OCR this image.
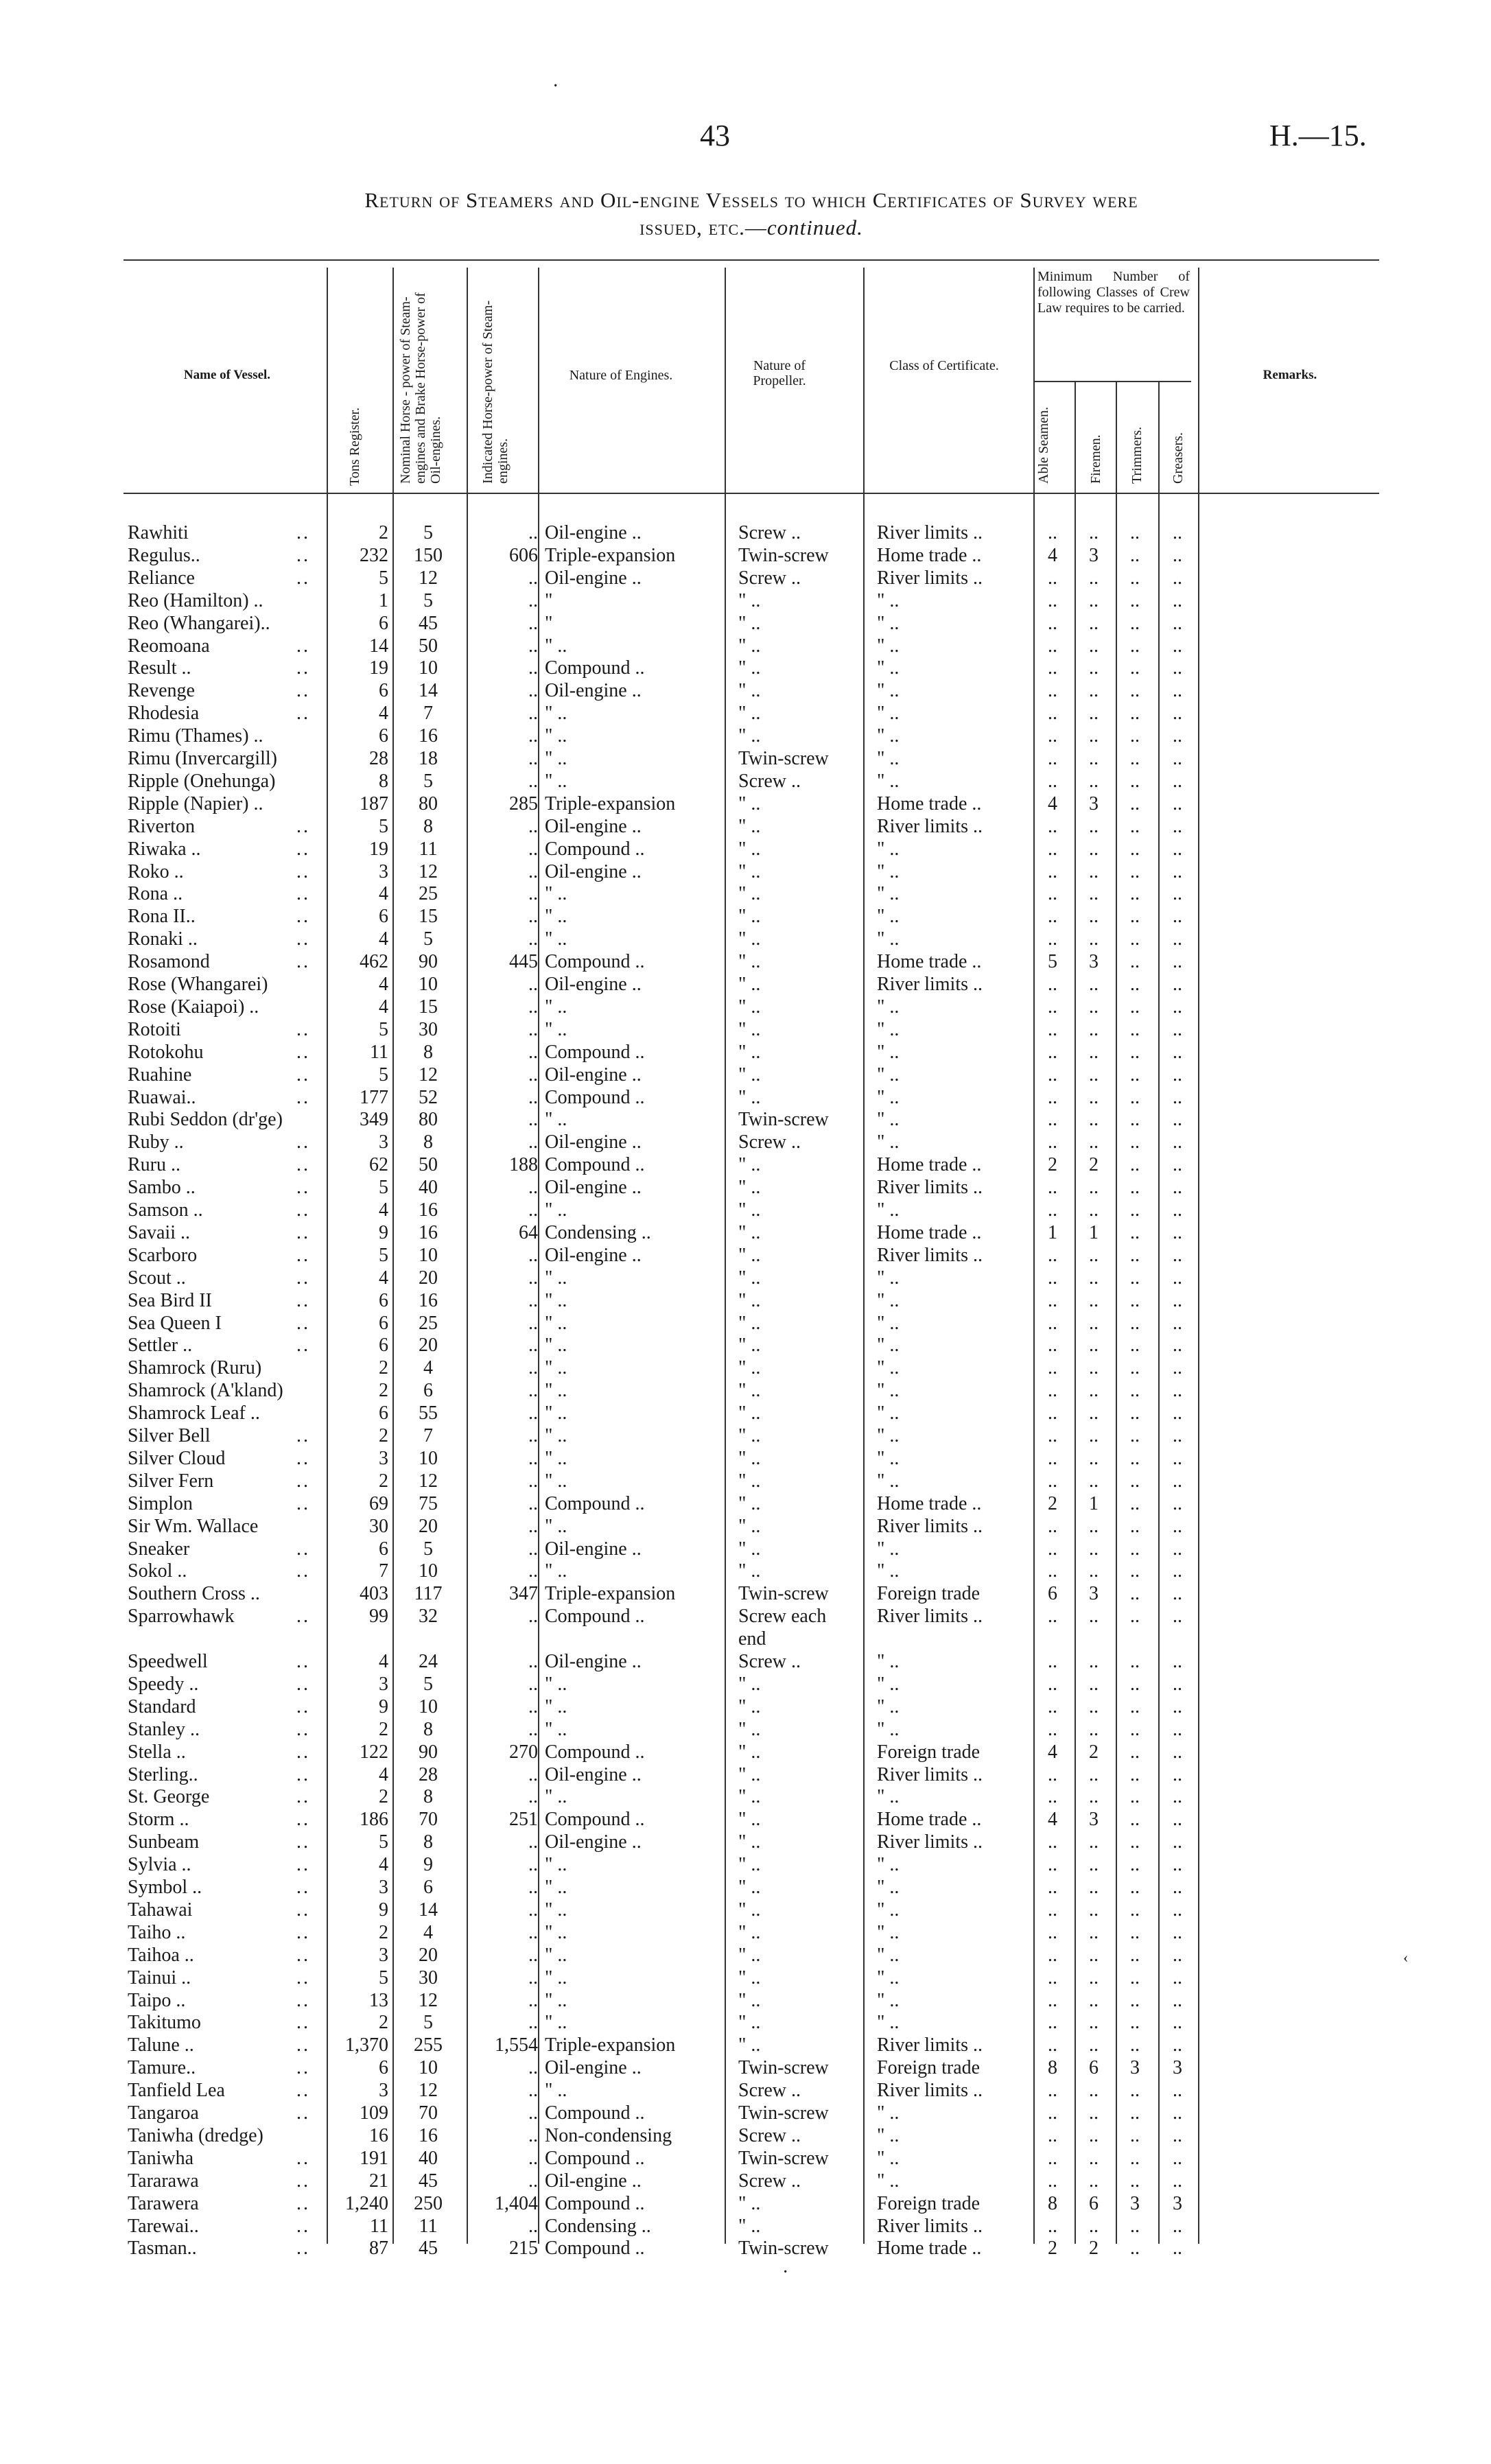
43	H.—15.
Return of Steamers and Oil-engine Vessels to which Certificates of Survey were
issued, etc.—continued.
Name of Vessel.
Tons Register.	Nominal Horse - power of Steam-engines and Brake Horse-power of Oil-engines.	Indicated Horse-power of Steam-engines.
Nature of Engines.
Nature of Propeller.
Class of Certificate.
Minimum Number of following Classes of Crew Law requires to be carried.
Able Seamen.	Firemen. Trimmers. Greasers.
Remarks.
Rawhiti	..	2	5	.. Oil-engine ..	Screw ..	River limits ..	..	..	..	..
Regulus..	..	232	150	606 Triple-expansion	Twin-screw	Home trade ..	4	3	..	..
Reliance	..	5	12	.. Oil-engine ..	Screw ..	River limits ..	..	..	..	..
Reo (Hamilton) ..	1	5	.. "	" ..	" ..	..	..	..	..
Reo (Whangarei)..	6	45	.. "	" ..	" ..	..	..	..	..
Reomoana	..	14	50	.. " ..	" ..	" ..	..	..	..	..
Result ..	..	19	10	.. Compound ..	" ..	" ..	..	..	..	..
Revenge	..	6	14	.. Oil-engine ..	" ..	" ..	..	..	..	..
Rhodesia	..	4	7	.. " ..	" ..	" ..	..	..	..	..
Rimu (Thames) ..	6	16	.. " ..	" ..	" ..	..	..	..	..
Rimu (Invercargill)	28	18	.. " ..	Twin-screw	" ..	..	..	..	..
Ripple (Onehunga)	8	5	.. " ..	Screw ..	" ..	..	..	..	..
Ripple (Napier) ..	187	80	285 Triple-expansion	" ..	Home trade ..	4	3	..	..
Riverton	..	5	8	.. Oil-engine ..	" ..	River limits ..	..	..	..	..
Riwaka ..	..	19	11	.. Compound ..	" ..	" ..	..	..	..	..
Roko ..	..	3	12	.. Oil-engine ..	" ..	" ..	..	..	..	..
Rona ..	..	4	25	.. " ..	" ..	" ..	..	..	..	..
Rona II..	..	6	15	.. " ..	" ..	" ..	..	..	..	..
Ronaki ..	..	4	5	.. " ..	" ..	" ..	..	..	..	..
Rosamond	..	462	90	445 Compound ..	" ..	Home trade ..	5	3	..	..
Rose (Whangarei)	4	10	.. Oil-engine ..	" ..	River limits ..	..	..	..	..
Rose (Kaiapoi) ..	4	15	.. " ..	" ..	" ..	..	..	..	..
Rotoiti	..	5	30	.. " ..	" ..	" ..	..	..	..	..
Rotokohu	..	11	8	.. Compound ..	" ..	" ..	..	..	..	..
Ruahine	..	5	12	.. Oil-engine ..	" ..	" ..	..	..	..	..
Ruawai..	..	177	52	.. Compound ..	" ..	" ..	..	..	..	..
Rubi Seddon (dr'ge)	349	80	.. " ..	Twin-screw	" ..	..	..	..	..
Ruby ..	..	3	8	.. Oil-engine ..	Screw ..	" ..	..	..	..	..
Ruru ..	..	62	50	188 Compound ..	" ..	Home trade ..	2	2	..	..
Sambo ..	..	5	40	.. Oil-engine ..	" ..	River limits ..	..	..	..	..
Samson ..	..	4	16	.. " ..	" ..	" ..	..	..	..	..
Savaii ..	..	9	16	64 Condensing ..	" ..	Home trade ..	1	1	..	..
Scarboro	..	5	10	.. Oil-engine ..	" ..	River limits ..	..	..	..	..
Scout ..	..	4	20	.. " ..	" ..	" ..	..	..	..	..
Sea Bird II	..	6	16	.. " ..	" ..	" ..	..	..	..	..
Sea Queen I	..	6	25	.. " ..	" ..	" ..	..	..	..	..
Settler ..	..	6	20	.. " ..	" ..	" ..	..	..	..	..
Shamrock (Ruru)	2	4	.. " ..	" ..	" ..	..	..	..	..
Shamrock (A'kland)	2	6	.. " ..	" ..	" ..	..	..	..	..
Shamrock Leaf ..	6	55	.. " ..	" ..	" ..	..	..	..	..
Silver Bell	..	2	7	.. " ..	" ..	" ..	..	..	..	..
Silver Cloud	..	3	10	.. " ..	" ..	" ..	..	..	..	..
Silver Fern	..	2	12	.. " ..	" ..	" ..	..	..	..	..
Simplon	..	69	75	.. Compound ..	" ..	Home trade ..	2	1	..	..
Sir Wm. Wallace	30	20	.. " ..	" ..	River limits ..	..	..	..	..
Sneaker	..	6	5	.. Oil-engine ..	" ..	" ..	..	..	..	..
Sokol ..	..	7	10	.. " ..	" ..	" ..	..	..	..	..
Southern Cross ..	403	117	347 Triple-expansion	Twin-screw	Foreign trade	6	3	..	..
Sparrowhawk	..	99	32	.. Compound ..	Screw each	River limits ..	..	..	..	..
end
Speedwell	..	4	24	.. Oil-engine ..	Screw ..	" ..	..	..	..	..
Speedy ..	..	3	5	.. " ..	" ..	" ..	..	..	..	..
Standard	..	9	10	.. " ..	" ..	" ..	..	..	..	..
Stanley ..	..	2	8	.. " ..	" ..	" ..	..	..	..	..
Stella ..	..	122	90	270 Compound ..	" ..	Foreign trade	4	2	..	..
Sterling..	..	4	28	.. Oil-engine ..	" ..	River limits ..	..	..	..	..
St. George	..	2	8	.. " ..	" ..	" ..	..	..	..	..
Storm ..	..	186	70	251 Compound ..	" ..	Home trade ..	4	3	..	..
Sunbeam	..	5	8	.. Oil-engine ..	" ..	River limits ..	..	..	..	..
Sylvia ..	..	4	9	.. " ..	" ..	" ..	..	..	..	..
Symbol ..	..	3	6	.. " ..	" ..	" ..	..	..	..	..
Tahawai	..	9	14	.. " ..	" ..	" ..	..	..	..	..
Taiho ..	..	2	4	.. " ..	" ..	" ..	..	..	..	..
Taihoa ..	..	3	20	.. " ..	" ..	" ..	..	..	..	..
Tainui ..	..	5	30	.. " ..	" ..	" ..	..	..	..	..
Taipo ..	..	13	12	.. " ..	" ..	" ..	..	..	..	..
Takitumo	..	2	5	.. " ..	" ..	" ..	..	..	..	..
Talune ..	..	1,370	255	1,554 Triple-expansion	" ..	River limits ..	..	..	..	..
Tamure..	..	6	10	.. Oil-engine ..	Twin-screw	Foreign trade	8	6	3	3
Tanfield Lea	..	3	12	.. " ..	Screw ..	River limits ..	..	..	..	..
Tangaroa	..	109	70	.. Compound ..	Twin-screw	" ..	..	..	..	..
Taniwha (dredge)	16	16	.. Non-condensing	Screw ..	" ..	..	..	..	..
Taniwha	..	191	40	.. Compound ..	Twin-screw	" ..	..	..	..	..
Tararawa	..	21	45	.. Oil-engine ..	Screw ..	" ..	..	..	..	..
Tarawera	..	1,240	250	1,404 Compound ..	" ..	Foreign trade	8	6	3	3
Tarewai..	..	11	11	.. Condensing ..	" ..	River limits ..	..	..	..	..
Tasman..	..	87	45	215 Compound ..	Twin-screw	Home trade ..	2	2	..	..
·
‹
·
